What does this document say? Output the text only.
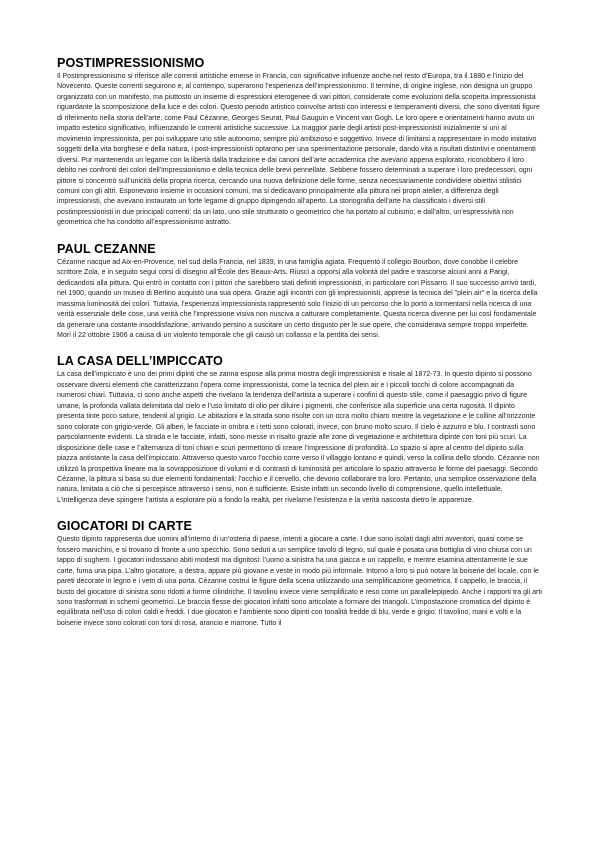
POSTIMPRESSIONISMO

Il Postimpressionismo si riferisce alle correnti artistiche emerse in Francia, con significative influenze anche nel resto d’Europa, tra il 1880 e l’inizio del Novecento. Queste correnti seguirono e, al contempo, superarono l’esperienza dell’impressionismo. Il termine, di origine inglese, non designa un gruppo organizzato con un manifesto, ma piuttosto un insieme di espressioni eterogenee di vari pittori, considerate come evoluzioni della scoperta impressionista riguardante la scomposizione della luce e dei colori. Questo periodo artistico coinvolse artisti con interessi e temperamenti diversi, che sono diventati figure di riferimento nella storia dell’arte, come Paul Cézanne, Georges Seurat, Paul Gauguin e Vincent van Gogh. Le loro opere e orientamenti hanno avuto un impatto estetico significativo, influenzando le correnti artistiche successive. La maggior parte degli artisti post-impressionisti inizialmente si unì al movimento impressionista, per poi sviluppare uno stile autonomo, sempre più ambizioso e soggettivo. Invece di limitarsi a rappresentare in modo imitativo soggetti della vita borghese e della natura, i post-impressionisti optarono per una sperimentazione personale, dando vita a risultati distintivi e orientamenti diversi. Pur mantenendo un legame con la libertà dalla tradizione e dai canoni dell’arte accademica che avevano appena esplorato, riconobbero il loro debito nei confronti dei colori dell’impressionismo e della tecnica delle brevi pennellate. Sebbene fossero determinati a superare i loro predecessori, ogni pittore si concentrò sull’unicità della propria ricerca, cercando una nuova definizione delle forme, senza necessariamente condividere obiettivi stilistici comuni con gli altri. Esponevano insieme in occasioni comuni, ma si dedicavano principalmente alla pittura nei propri atelier, a differenza degli impressionisti, che avevano instaurato un forte legame di gruppo dipingendo all’aperto. La storiografia dell’arte ha classificato i diversi stili postimpressionisti in due principali correnti: da un lato, uno stile strutturato o geometrico che ha portato al cubismo, e dall’altro, un’espressività non geometrica che ha condotto all’espressionismo astratto.

PAUL CEZANNE

Cézanne nacque ad Aix-en-Provence, nel sud della Francia, nel 1839, in una famiglia agiata. Frequentò il collegio Bourbon, dove conobbe il celebre scrittore Zola, e in seguito segui corsi di disegno all’École des Beaux-Arts. Riuscì a opporsi alla volontà del padre e trascorse alcuni anni a Parigi, dedicandosi alla pittura. Qui entrò in contatto con i pittori che sarebbero stati definiti impressionisti, in particolare con Pissarro. Il suo successo arrivò tardi, nel 1900, quando un museo di Berlino acquistò una sua opera. Grazie agli incontri con gli impressionisti, apprese la tecnica del "plein air" e la ricerca della massima luminosità dei colori. Tuttavia, l’esperienza impressionista rappresentò solo l’inizio di un percorso che lo portò a tormentarsi nella ricerca di una verità essenziale delle cose, una verità che l’impressione visiva non riusciva a catturare completamente. Questa ricerca divenne per lui così fondamentale da generare una costante insoddisfazione, arrivando persino a suscitare un certo disgusto per le sue opere, che considerava sempre troppo imperfette. Morì il 22 ottobre 1906 a causa di un violento temporale che gli causò un collasso e la perdita dei sensi.

LA CASA DELL’IMPICCATO

La casa dell’impiccato è uno dei primi dipinti che se zanna espose alla prima mostra degli impressionisti e risale al 1872-73. In questo dipinto si possono osservare diversi elementi che caratterizzano l’opera come impressionista, come la tecnica del plein air e i piccoli tocchi di colore accompagnati da numerosi chiari. Tuttavia, ci sono anche aspetti che rivelano la tendenza dell’artista a superare i confini di questo stile, come il paesaggio privo di figure umane, la profonda vallata delimitata dal cielo e l’uso limitato di olio per diluire i pigmenti, che conferisce alla superficie una certa rugosità. Il dipinto presenta tinte poco sature, tendenti al grigio. Le abitazioni e la strada sono risolte con un ocra molto chiaro mentre la vegetazione e le colline all’orizzonte sono colorate con grigio-verde. Gli alberi, le facciate in ombra e i tetti sono colorati, invece, con bruno molto scuro. Il cielo è azzurro e blu. I contrasti sono particolarmente evidenti. La strada e le facciate, infatti, sono messe in risalto grazie alle zone di vegetazione e architettura dipinte con toni più scuri. La disposizione delle case e l’alternanza di toni chiari e scuri permettono di creare l’impressione di profondità. Lo spazio si apre al centro del dipinto sulla piazza antistante la casa dell’impiccato. Attraverso questo varco l’occhio corre verso il villaggio lontano e quindi, verso la collina dello sfondo. Cézanne non utilizzò la prospettiva lineare ma la sovrapposizione di volumi e di contrasti di luminosità per articolare lo spazio attraverso le forme del paesaggi. Secondo Cézanne, la pittura si basa su due elementi fondamentali: l’occhio e il cervello, che devono collaborare tra loro. Pertanto, una semplice osservazione della natura, limitata a ciò che si percepisce attraverso i sensi, non è sufficiente. Esiste infatti un secondo livello di comprensione, quello intellettuale. L’intelligenza deve spingere l’artista a esplorare più a fondo la realtà, per rivelarne l’esistenza e la verità nascosta dietro le apparenze.

GIOCATORI DI CARTE

Questo dipinto rappresenta due uomini all’interno di un’osteria di paese, intenti a giocare a carte. I due sono isolati dagli altri avventori, quasi come se fossero manichini, e si trovano di fronte a uno specchio. Sono seduti a un semplice tavolo di legno, sul quale è posata una bottiglia di vino chiusa con un tappo di sughero. I giocatori indossano abiti modesti ma dignitosi: l’uomo a sinistra ha una giacca e un cappello, e mentre esamina attentamente le sue carte, fuma una pipa. L’altro giocatore, a destra, appare più giovane e veste in modo più informale. Intorno a loro si può notare la boiserie del locale, con le pareti decorate in legno e i vetri di una porta. Cézanne costruì le figure della scena utilizzando una semplificazione geometrica. Il cappello, le braccia, il busto del giocatore di sinistra sono ridotti a forme cilindriche. Il tavolino invece viene semplificato e reso come un parallelepipedo. Anche i rapporti tra gli arti sono trasformati in schemi geometrici. Le braccia flesse dei giocatori infatti sono articolate a formare dei triangoli. L’impostazione cromatica del dipinto è equilibrata nell’uso di colori caldi e freddi. I due giocatori e l’ambiente sono dipinti con tonalità fredde di blu, verde e grigio. Il tavolino, mani e volti e la boiserie invece sono colorati con toni di rosa, arancio e marrone. Tutto il
